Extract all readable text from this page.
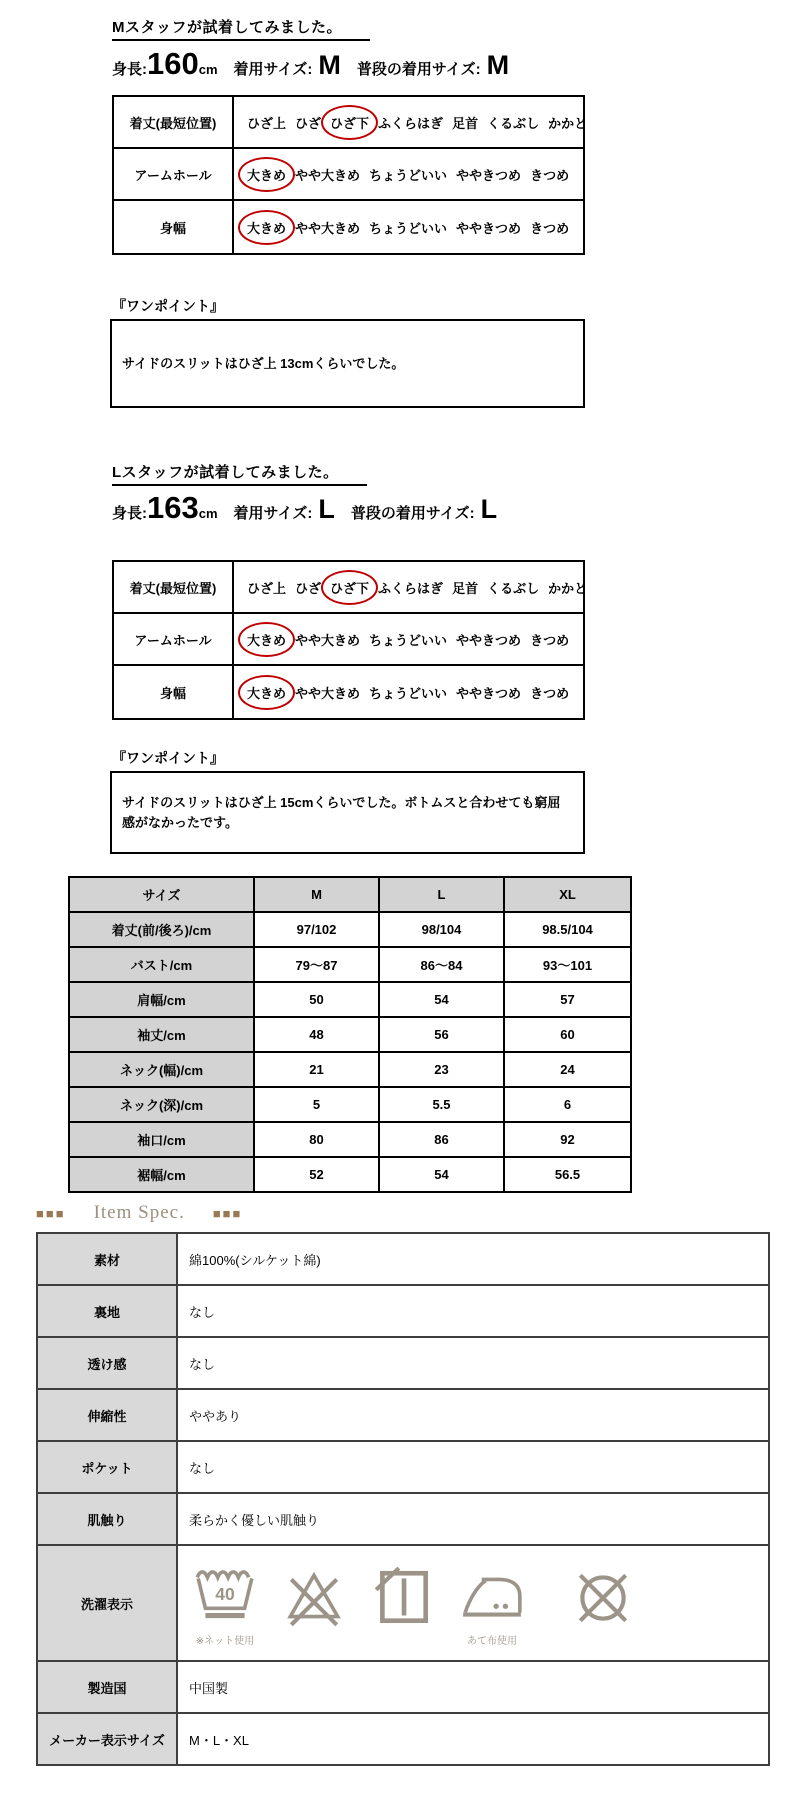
Mスタッフが試着してみました。
身長: 160 cm 着用サイズ: M 普段の着用サイズ: M
着丈(最短位置)	ひざ上 ひざ ひざ下 ふくらはぎ 足首 くるぶし かかと
アームホール	大きめ やや大きめ ちょうどいい ややきつめ きつめ
身幅	大きめ やや大きめ ちょうどいい ややきつめ きつめ
『ワンポイント』
サイドのスリットはひざ上 13cmくらいでした。
Lスタッフが試着してみました。
身長: 163 cm 着用サイズ: L 普段の着用サイズ: L
着丈(最短位置)	ひざ上 ひざ ひざ下 ふくらはぎ 足首 くるぶし かかと
アームホール	大きめ やや大きめ ちょうどいい ややきつめ きつめ
身幅	大きめ やや大きめ ちょうどいい ややきつめ きつめ
『ワンポイント』
サイドのスリットはひざ上 15cmくらいでした。ボトムスと合わせても窮屈感がなかったです。
サイズ	M	L	XL
着丈(前/後ろ)/cm	97/102	98/104	98.5/104
バスト/cm	79〜87	86〜84	93〜101
肩幅/cm	50	54	57
袖丈/cm	48	56	60
ネック(幅)/cm	21	23	24
ネック(深)/cm	5	5.5	6
袖口/cm	80	86	92
裾幅/cm	52	54	56.5
■■■ Item Spec. ■■■
素材	綿100%(シルケット綿)
裏地	なし
透け感	なし
伸縮性	ややあり
ポケット	なし
肌触り	柔らかく優しい肌触り
洗濯表示	40
※ネット使用 あて布使用

製造国	中国製
メーカー表示サイズ	M・L・XL
